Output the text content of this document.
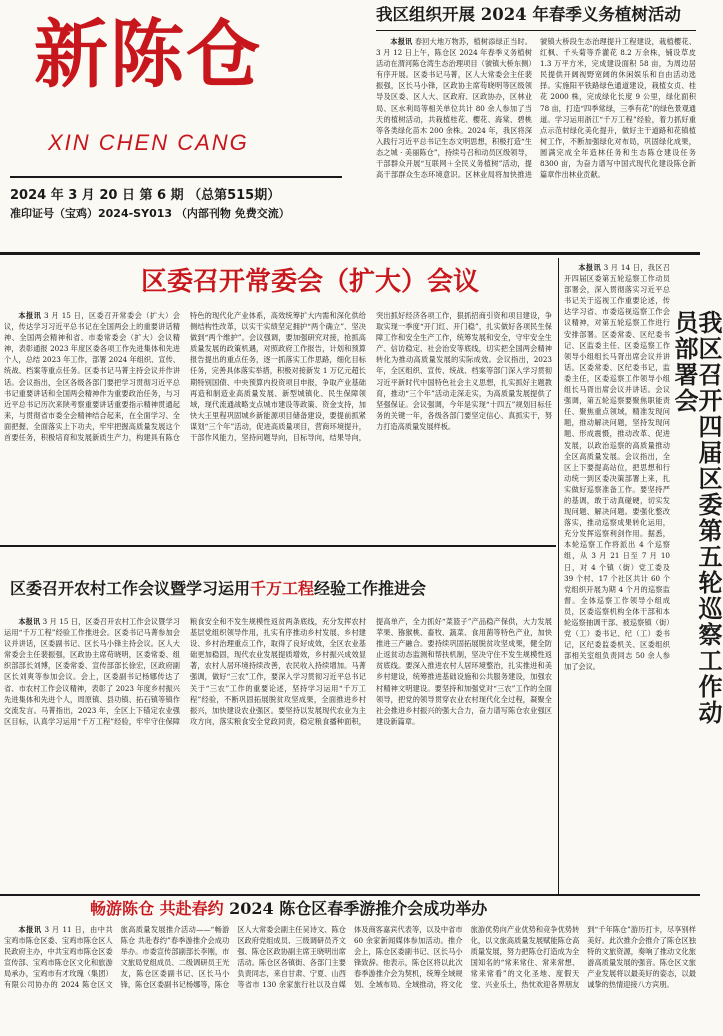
新陈仓
XIN CHEN CANG
2024 年 3 月 20 日 第 6 期 （总第515期）
准印证号（宝鸡）2024-SY013 （内部刊物 免费交流）
我区组织开展 2024 年春季义务植树活动

本报讯 春回大地万物苏，植树添绿正当时。3 月 12 日上午，陈仓区 2024 年春季义务植树活动在渭河陈仓湾生态治理项目（虢镇大桥东侧）有序开展。区委书记马菁，区人大常委会主任裴振强，区长马小锋，区政协主席苟晓明等区级领导及区委、区人大、区政府、区政协办，区林业局、区水利局等相关单位共计 80 余人参加了当天的植树活动，共栽植桂花、樱花、海棠、碧桃等各类绿化苗木 200 余株。2024 年，我区将深入践行习近平总书记生态文明思想，积极打造“生态之城 · 美丽陈仓”，持续号召和动员区级领导，干部群众开展“互联网＋全民义务植树”活动，提高干部群众生态环境意识。区林业局将加快推进虢镇大桥段生态治理提升工程建设，栽植樱花、红枫、千头菊等乔灌花 8.2 万余株，铺设草皮 1.3 万平方米，完成建设面积 58 亩，为周边居民提供开阔视野宽阔的休闲娱乐和自由活动选择。实施阳平铁路绿色通道建设，栽植女贞、桂花 2000 株，完成绿化长度 9 公里，绿化面积 78 亩，打造“四季常绿，三季有花”的绿色景观通道。学习运用浙江“千万工程”经验，着力抓好重点示范村绿化美化提升，做好主干道路和花镇植树工作，不断加强绿化对布局，巩固绿化成果，圆满完成全年造林任务和生态陈仓建设任务 8300 亩，为奋力谱写中国式现代化建设陈仓新篇章作出林业贡献。

区委召开常委会（扩大）会议

本报讯 3 月 15 日，区委召开常委会（扩大）会议，传达学习习近平总书记在全国两会上的重要讲话精神、全国两会精神和省、市委常委会（扩大）会议精神，表彰通报 2023 年度区委各项工作先进集体和先进个人，总结 2023 年工作，部署 2024 年组织、宣传、统战、档案等重点任务。区委书记马菁主持会议并作讲话。会议指出，全区各级各部门要把学习贯彻习近平总书记重要讲话和全国两会精神作为重要政治任务，与习近平总书记历次来陕考察重要讲话重要指示精神贯通起来，与贯彻省市委全会精神结合起来，在全面学习、全面把握、全面落实上下功夫，牢牢把握高质量发展这个首要任务，积极培育和发展新质生产力，构建具有陈仓特色的现代化产业体系，高效统筹扩大内需和深化供给侧结构性改革，以实干实绩坚定拥护“两个确立”、坚决做到“两个维护”。会议强调，要加强研究对接，抢抓高质量发展的政策机遇，对照政府工作报告，计划和预算报告提出的重点任务，逐一抓落实工作思路，细化目标任务，完善具体落实举措，积极对接新发 1 万亿元超长期特别国债、中央预算内投资项目申报，争取产业基础再造和制造业高质量发展、新型城镇化、民生保障领域，现代流通战略支点城市建设等政策、资金支持，加快大王里程巩固城乡新能源项目储备建设，要提前抓紧谋划“三个年”活动，促进高质量项目，营商环境提升，干部作风能力，坚持问题导向，目标导向，结果导向，突出抓好经济各项工作，狠抓招商引资和项目建设，争取实现一季度“开门红、开门稳”，扎实做好各项民生保障工作和安全生产工作，统筹发展和安全，守牢安全生产、信访稳定、社会治安等底线，切实把全国两会精神转化为推动高质量发展的实际成效。会议指出，2023 年，全区组织、宣传、统战、档案等部门深入学习贯彻习近平新时代中国特色社会主义思想，扎实抓好主题教育，推动“三个年”活动走深走实，为高质量发展提供了坚强保证。会议强调，今年是实现“十四五”规划目标任务的关键一年，各级各部门要坚定信心、真抓实干，努力打造高质量发展样板。

区委召开农村工作会议暨学习运用千万工程经验工作推进会

本报讯 3 月 15 日，区委召开农村工作会议暨学习运用“千万工程”经验工作推进会。区委书记马菁参加会议并讲话，区委副书记、区长马小锋主持会议。区人大常委会主任裴振强，区政协主席苟晓明，区委常委、组织部部长刘博，区委常委、宣传部部长徐宏，区政府副区长刘爽等参加会议。会上，区委副书记杨娜传达了省、市农村工作会议精神，表彰了 2023 年度乡村振兴先进集体和先进个人，周原镇、县功镇、拓石镇等镇作交流发言。马菁指出，2023 年，全区上下锚定农业强区目标，认真学习运用“千万工程”经验，牢牢守住保障粮食安全和不发生规模性返贫两条底线，充分发挥农村基层党组织领导作用，扎实有序推动乡村发展、乡村建设、乡村治理重点工作，取得了良好成效，全区农业基础更加稳固，现代农业发展提质增效，乡村振兴成效显著，农村人居环境持续改善，农民收入持续增加。马菁强调，做好“三农”工作，要深入学习贯彻习近平总书记关于“三农”工作的重要论述，坚持学习运用“千万工程”经验，不断巩固拓展脱贫攻坚成果，全面推进乡村振兴，加快建设农业强区。要坚持以发展现代农业为主攻方向，落实粮食安全党政同责，稳定粮食播种面积，提高单产，全力抓好“菜篮子”产品稳产保供，大力发展苹果、猕猴桃、畜牧、蔬菜、食用菌等特色产业，加快推进三产融合。要持续巩固拓展脱贫攻坚成果，健全防止返贫动态监测和帮扶机制，坚决守住不发生规模性返贫底线。要深入推进农村人居环境整治，扎实推进和美乡村建设，统筹推进基础设施和公共服务建设，加强农村精神文明建设。要坚持和加强党对“三农”工作的全面领导，把党的领导贯穿农业农村现代化全过程，凝聚全社会推进乡村振兴的强大合力，奋力谱写陈仓农业强区建设新篇章。

本报讯 3 月 14 日，我区召开四届区委第五轮巡察工作动员部署会，深入贯彻落实习近平总书记关于巡视工作重要论述，传达学习省、市委巡视巡察工作会议精神，对第五轮巡察工作进行安排部署。区委常委、区纪委书记、区监委主任、区委巡察工作领导小组组长马胥出席会议并讲话。区委常委、区纪委书记，监委主任，区委巡察工作领导小组组长马胥出席会议并讲话。会议强调，第五轮巡察要聚焦职能责任、聚焦重点领域，精准发现问题，推动解决问题，坚持发现问题、形成震慑，推动改革、促进发展，以政治巡察的高质量推动全区高质量发展。会议指出，全区上下要提高站位，把思想和行动统一到区委决策部署上来，扎实做好巡察准备工作。要坚持严的基调，敢于动真碰硬，切实发现问题、解决问题。要强化整改落实，推动巡察成果转化运用，充分发挥巡察利剑作用。据悉，本轮巡察工作将派出 4 个巡察组，从 3 月 21 日至 7 月 10 日，对 4 个镇（街）党工委及 39 个村、17 个社区共计 60 个党组织开展为期 4 个月的巡察监督。全体巡察工作领导小组成员，区委巡察机构全体干部和本轮巡察抽调干部、被巡察镇（街）党（工）委书记、纪（工）委书记，区纪委监委机关、区委组织部相关室组负责同志 50 余人参加了会议。	我区召开四届区委第五轮巡察工作动员部署会
畅游陈仓 共赴春约 2024 陈仓区春季游推介会成功举办

本报讯 3 月 11 日，由中共宝鸡市陈仓区委、宝鸡市陈仓区人民政府主办，中共宝鸡市陈仓区委宣传部、宝鸡市陈仓区文化和旅游局承办，宝鸡市有才玫瑰（集团）有限公司协办的 2024 陈仓区文旅高质量发展推介活动——“畅游陈仓 共赴春约”春季游推介会成功举办。市委宣传部副部长李刚，市文旅局党组成员、二级调研员王光友，陈仓区委副书记、区长马小锋，陈仓区委副书记杨娜等，陈仓区人大常委会副主任吴诗文、陈仓区政府党组成员、三级调研员齐文强、陈仓区政协副主席王晓明出席活动。陈仓区各镇街、各部门主要负责同志，来自甘肃、宁夏、山西等省市 130 余家旅行社以及自媒体及商客嘉宾代表等，以及中省市 60 余家新闻媒体参加活动。推介会上，陈仓区委副书记、区长马小锋致辞。他表示，陈仓区将以此次春季游推介会为契机，统筹全域规划、全域布局、全域推动，将文化旅游优势向产业优势和竞争优势转化，以文旅高质量发展赋能陈仓高质量发展，努力把陈仓打造成为全国知名的“常来常住、常来常想、常来常看”的文化圣地、度假天堂、兴业乐土，热忱欢迎各界朋友到“千年陈仓”游历打卡，尽享别样美好。此次推介会推介了陈仓区独特的文旅资源，奏响了推动文化旅游高质量发展的强音。陈仓区文旅产业发展将以最美好的姿态，以最诚挚的热情迎接八方宾朋。
